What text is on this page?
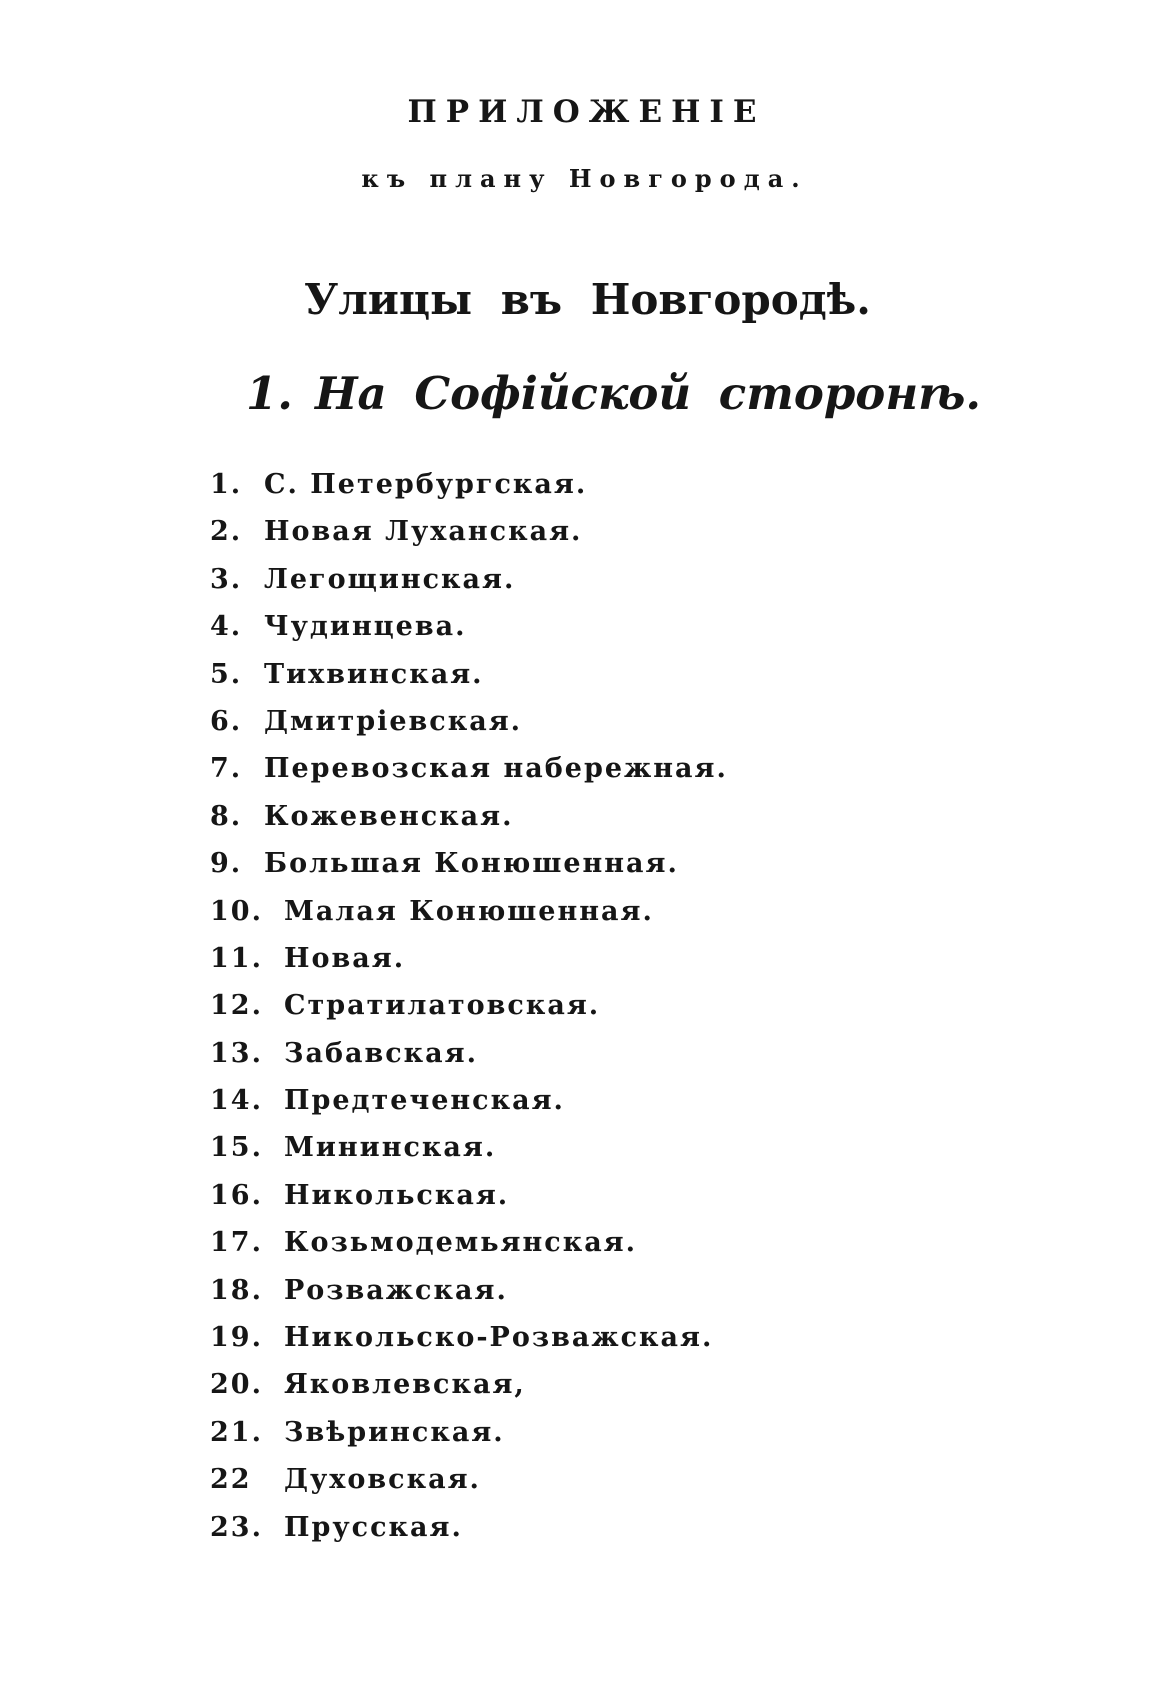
ПРИЛОЖЕНІЕ
къ плану Новгорода.
Улицы въ Новгородѣ.
1. На Софійской сторонѣ.
1. С. Петербургская.
2. Новая Луханская.
3. Легощинская.
4. Чудинцева.
5. Тихвинская.
6. Дмитріевская.
7. Перевозская набережная.
8. Кожевенская.
9. Большая Конюшенная.
10. Малая Конюшенная.
11. Новая.
12. Стратилатовская.
13. Забавская.
14. Предтеченская.
15. Мининская.
16. Никольская.
17. Козьмодемьянская.
18. Розважская.
19. Никольско-Розважская.
20. Яковлевская,
21. Звѣринская.
22 Духовская.
23. Прусская.
